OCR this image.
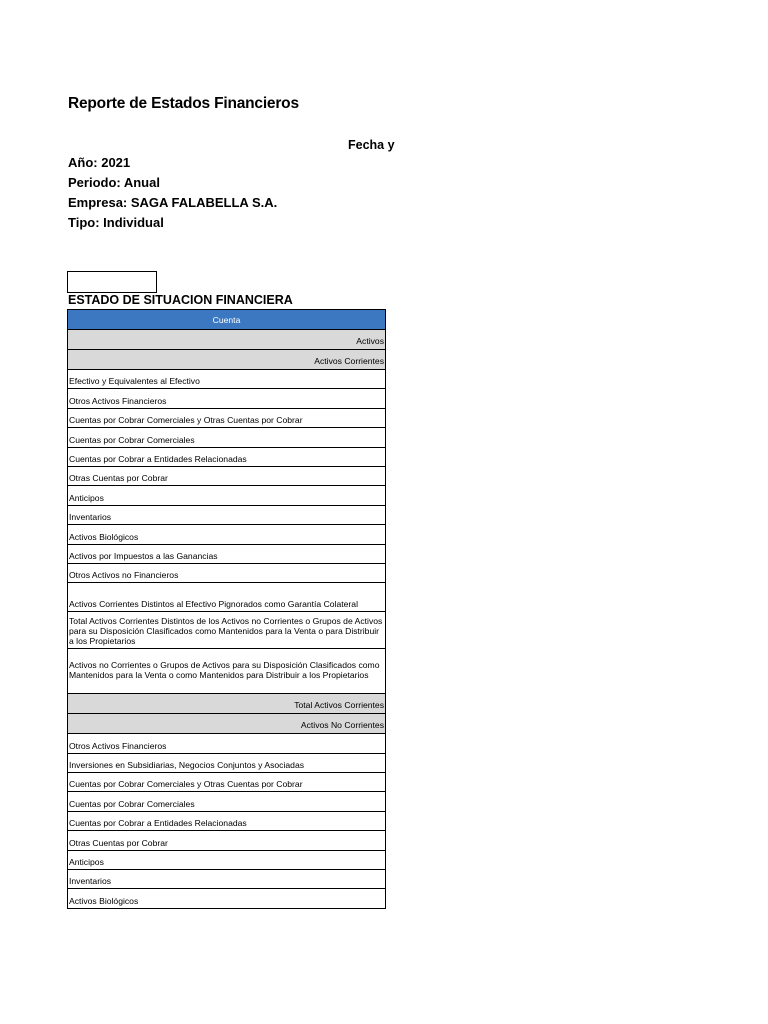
Reporte de Estados Financieros
Fecha y
Año: 2021
Periodo: Anual
Empresa: SAGA FALABELLA S.A.
Tipo: Individual
ESTADO DE SITUACION FINANCIERA
Cuenta
Activos
Activos Corrientes
Efectivo y Equivalentes al Efectivo
Otros Activos Financieros
Cuentas por Cobrar Comerciales y Otras Cuentas por Cobrar
Cuentas por Cobrar Comerciales
Cuentas por Cobrar a Entidades Relacionadas
Otras Cuentas por Cobrar
Anticipos
Inventarios
Activos Biológicos
Activos por Impuestos a las Ganancias
Otros Activos no Financieros
Activos Corrientes Distintos al Efectivo Pignorados como Garantía Colateral
Total Activos Corrientes Distintos de los Activos no Corrientes o Grupos de Activos para su Disposición Clasificados como Mantenidos para la Venta o para Distribuir a los Propietarios
Activos no Corrientes o Grupos de Activos para su Disposición Clasificados como Mantenidos para la Venta o como Mantenidos para Distribuir a los Propietarios
Total Activos Corrientes
Activos No Corrientes
Otros Activos Financieros
Inversiones en Subsidiarias, Negocios Conjuntos y Asociadas
Cuentas por Cobrar Comerciales y Otras Cuentas por Cobrar
Cuentas por Cobrar Comerciales
Cuentas por Cobrar a Entidades Relacionadas
Otras Cuentas por Cobrar
Anticipos
Inventarios
Activos Biológicos
